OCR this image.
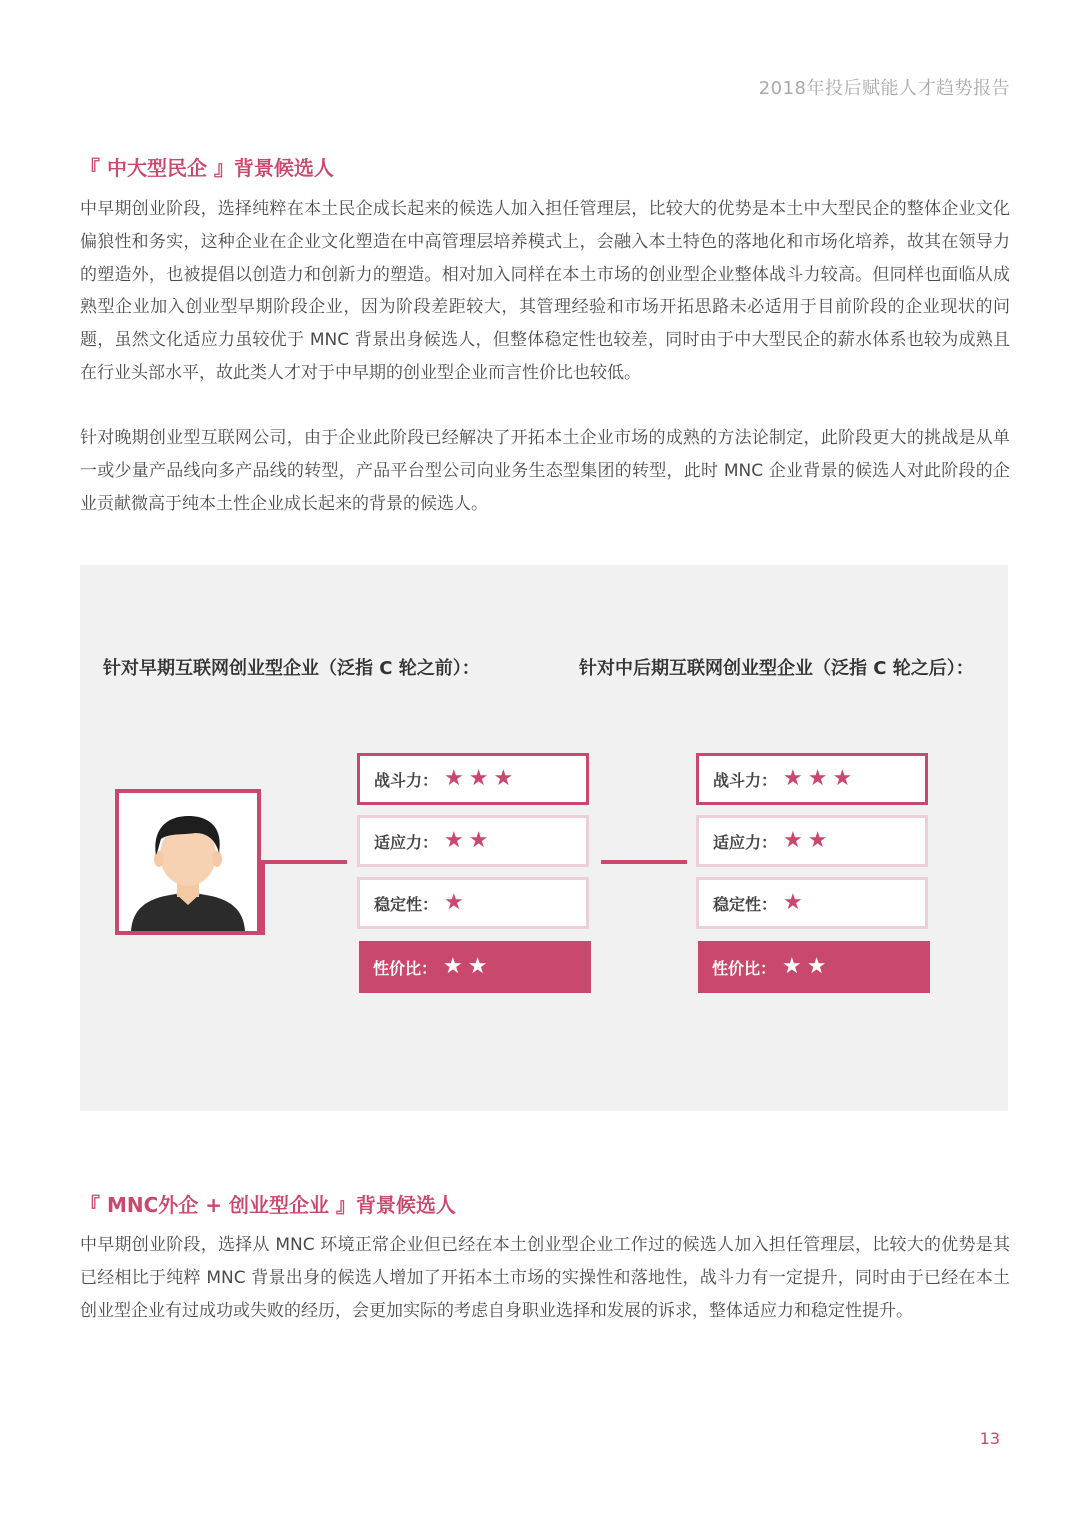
2018年投后赋能人才趋势报告
『 中大型民企 』背景候选人

中早期创业阶段，选择纯粹在本土民企成长起来的候选人加入担任管理层，比较大的优势是本土中大型民企的整体企业文化偏狼性和务实，这种企业在企业文化塑造在中高管理层培养模式上，会融入本土特色的落地化和市场化培养，故其在领导力的塑造外，也被提倡以创造力和创新力的塑造。相对加入同样在本土市场的创业型企业整体战斗力较高。但同样也面临从成熟型企业加入创业型早期阶段企业，因为阶段差距较大，其管理经验和市场开拓思路未必适用于目前阶段的企业现状的问题，虽然文化适应力虽较优于 MNC 背景出身候选人，但整体稳定性也较差，同时由于中大型民企的薪水体系也较为成熟且在行业头部水平，故此类人才对于中早期的创业型企业而言性价比也较低。

针对晚期创业型互联网公司，由于企业此阶段已经解决了开拓本土企业市场的成熟的方法论制定，此阶段更大的挑战是从单一或少量产品线向多产品线的转型，产品平台型公司向业务生态型集团的转型，此时 MNC 企业背景的候选人对此阶段的企业贡献微高于纯本土性企业成长起来的背景的候选人。

针对早期互联网创业型企业（泛指 C 轮之前）：	针对中后期互联网创业型企业（泛指 C 轮之后）：
战斗力： ★★★
适应力： ★★
稳定性： ★
性价比： ★★
战斗力： ★★★
适应力： ★★
稳定性： ★
性价比： ★★
『 MNC外企 + 创业型企业 』背景候选人

中早期创业阶段，选择从 MNC 环境正常企业但已经在本土创业型企业工作过的候选人加入担任管理层，比较大的优势是其已经相比于纯粹 MNC 背景出身的候选人增加了开拓本土市场的实操性和落地性，战斗力有一定提升，同时由于已经在本土创业型企业有过成功或失败的经历，会更加实际的考虑自身职业选择和发展的诉求，整体适应力和稳定性提升。

13
